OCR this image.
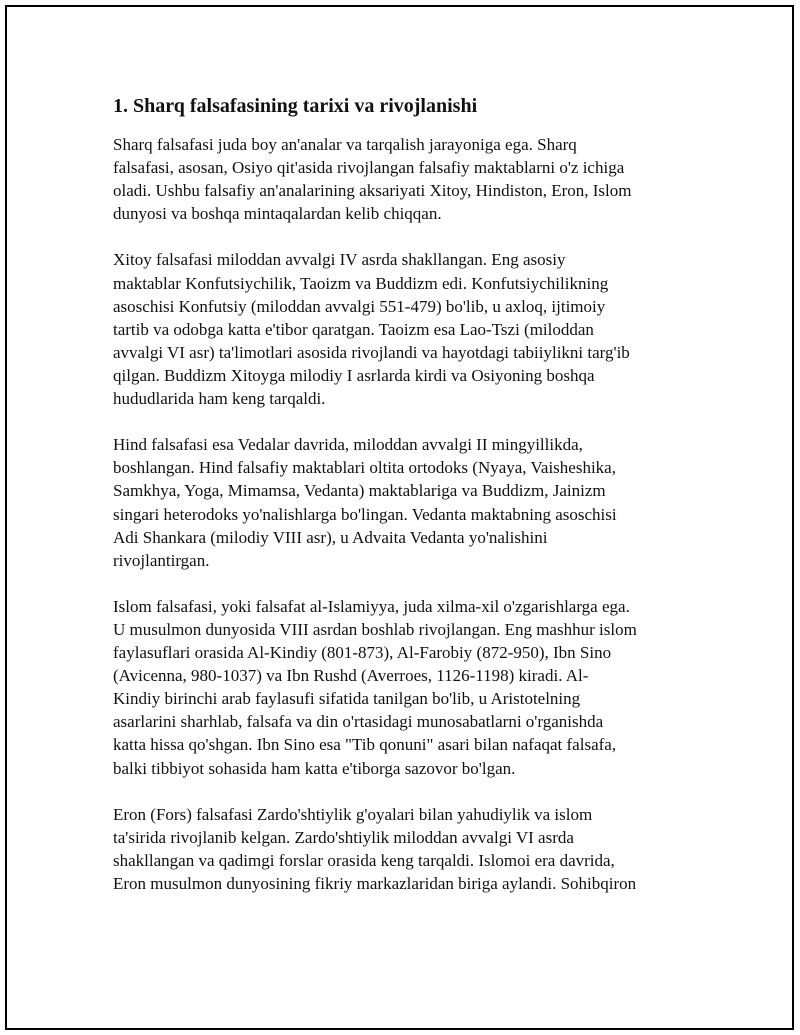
1. Sharq falsafasining tarixi va rivojlanishi
Sharq falsafasi juda boy an'analar va tarqalish jarayoniga ega. Sharq
falsafasi, asosan, Osiyo qit'asida rivojlangan falsafiy maktablarni o'z ichiga
oladi. Ushbu falsafiy an'analarining aksariyati Xitoy, Hindiston, Eron, Islom
dunyosi va boshqa mintaqalardan kelib chiqqan.
Xitoy falsafasi miloddan avvalgi IV asrda shakllangan. Eng asosiy
maktablar Konfutsiychilik, Taoizm va Buddizm edi. Konfutsiychilikning
asoschisi Konfutsiy (miloddan avvalgi 551-479) bo'lib, u axloq, ijtimoiy
tartib va odobga katta e'tibor qaratgan. Taoizm esa Lao-Tszi (miloddan
avvalgi VI asr) ta'limotlari asosida rivojlandi va hayotdagi tabiiylikni targ'ib
qilgan. Buddizm Xitoyga milodiy I asrlarda kirdi va Osiyoning boshqa
hududlarida ham keng tarqaldi.
Hind falsafasi esa Vedalar davrida, miloddan avvalgi II mingyillikda,
boshlangan. Hind falsafiy maktablari oltita ortodoks (Nyaya, Vaisheshika,
Samkhya, Yoga, Mimamsa, Vedanta) maktablariga va Buddizm, Jainizm
singari heterodoks yo'nalishlarga bo'lingan. Vedanta maktabning asoschisi
Adi Shankara (milodiy VIII asr), u Advaita Vedanta yo'nalishini
rivojlantirgan.
Islom falsafasi, yoki falsafat al-Islamiyya, juda xilma-xil o'zgarishlarga ega.
U musulmon dunyosida VIII asrdan boshlab rivojlangan. Eng mashhur islom
faylasuflari orasida Al-Kindiy (801-873), Al-Farobiy (872-950), Ibn Sino
(Avicenna, 980-1037) va Ibn Rushd (Averroes, 1126-1198) kiradi. Al-
Kindiy birinchi arab faylasufi sifatida tanilgan bo'lib, u Aristotelning
asarlarini sharhlab, falsafa va din o'rtasidagi munosabatlarni o'rganishda
katta hissa qo'shgan. Ibn Sino esa "Tib qonuni" asari bilan nafaqat falsafa,
balki tibbiyot sohasida ham katta e'tiborga sazovor bo'lgan.
Eron (Fors) falsafasi Zardo'shtiylik g'oyalari bilan yahudiylik va islom
ta'sirida rivojlanib kelgan. Zardo'shtiylik miloddan avvalgi VI asrda
shakllangan va qadimgi forslar orasida keng tarqaldi. Islomoi era davrida,
Eron musulmon dunyosining fikriy markazlaridan biriga aylandi. Sohibqiron
